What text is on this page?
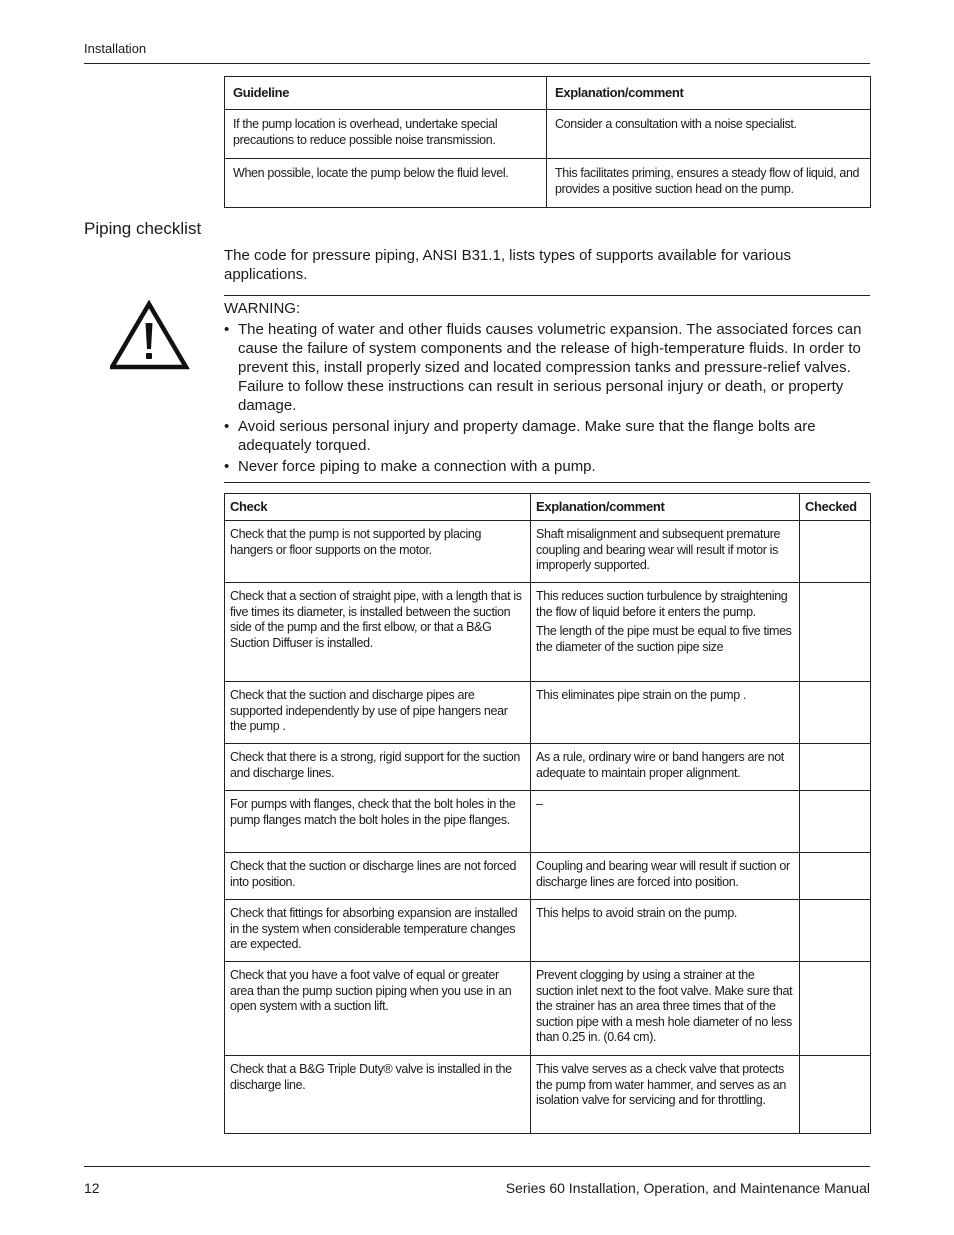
Installation
Guideline	Explanation/comment
If the pump location is overhead, undertake special precautions to reduce possible noise transmission.	Consider a consultation with a noise specialist.
When possible, locate the pump below the fluid level.	This facilitates priming, ensures a steady flow of liquid, and provides a positive suction head on the pump.
Piping checklist
The code for pressure piping, ANSI B31.1, lists types of supports available for various applications.
WARNING:
• The heating of water and other fluids causes volumetric expansion. The associated forces can cause the failure of system components and the release of high-temperature fluids. In order to prevent this, install properly sized and located compression tanks and pressure-relief valves. Failure to follow these instructions can result in serious personal injury or death, or property damage.
• Avoid serious personal injury and property damage. Make sure that the flange bolts are adequately torqued.
• Never force piping to make a connection with a pump.
Check	Explanation/comment	Checked
Check that the pump is not supported by placing hangers or floor supports on the motor.	Shaft misalignment and subsequent premature coupling and bearing wear will result if motor is improperly supported.	

Check that a section of straight pipe, with a length that is five times its diameter, is installed between the suction side of the pump and the first elbow, or that a B&G Suction Diffuser is installed.	This reduces suction turbulence by straightening the flow of liquid before it enters the pump.

The length of the pipe must be equal to five times the diameter of the suction pipe size	

Check that the suction and discharge pipes are supported independently by use of pipe hangers near the pump .	This eliminates pipe strain on the pump .	

Check that there is a strong, rigid support for the suction and discharge lines.	As a rule, ordinary wire or band hangers are not adequate to maintain proper alignment.	

For pumps with flanges, check that the bolt holes in the pump flanges match the bolt holes in the pipe flanges.	–	

Check that the suction or discharge lines are not forced into position.	Coupling and bearing wear will result if suction or discharge lines are forced into position.	

Check that fittings for absorbing expansion are installed in the system when considerable temperature changes are expected.	This helps to avoid strain on the pump.	

Check that you have a foot valve of equal or greater area than the pump suction piping when you use in an open system with a suction lift.	Prevent clogging by using a strainer at the suction inlet next to the foot valve. Make sure that the strainer has an area three times that of the suction pipe with a mesh hole diameter of no less than 0.25 in. (0.64 cm).	

Check that a B&G Triple Duty® valve is installed in the discharge line.	This valve serves as a check valve that protects the pump from water hammer, and serves as an isolation valve for servicing and for throttling.	

12	Series 60 Installation, Operation, and Maintenance Manual
